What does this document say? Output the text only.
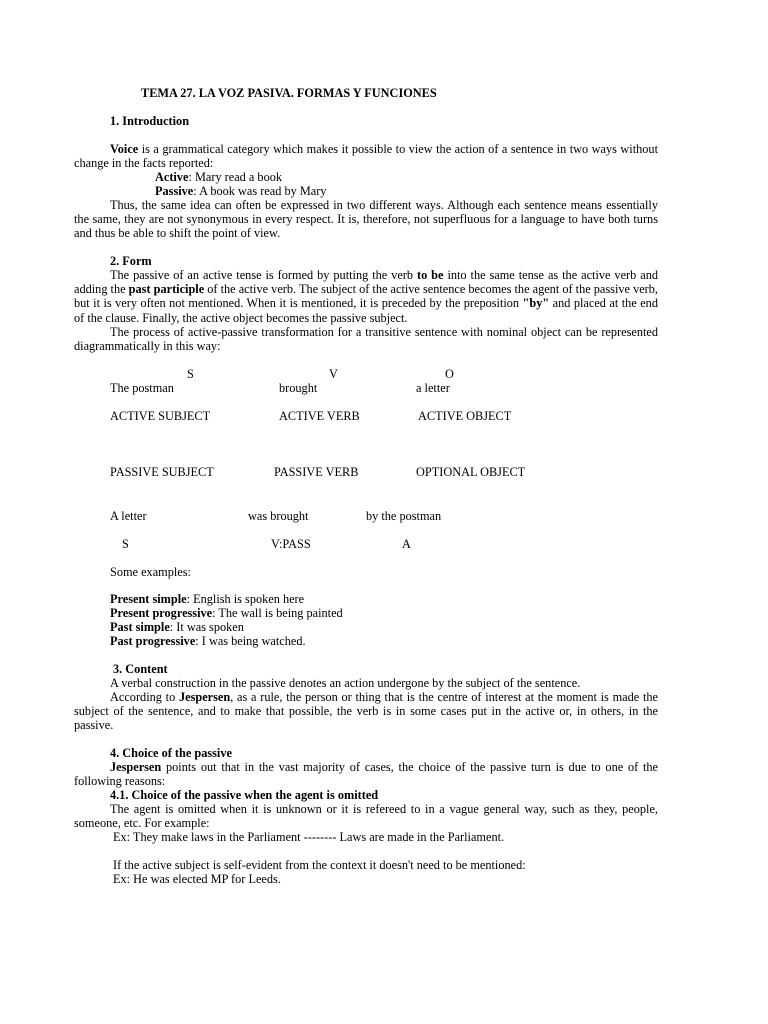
TEMA 27. LA VOZ PASIVA. FORMAS Y FUNCIONES
1. Introduction
Voice is a grammatical category which makes it possible to view the action of a sentence in two ways without change in the facts reported:
Active: Mary read a book
Passive: A book was read by Mary
Thus, the same idea can often be expressed in two different ways. Although each sentence means essentially the same, they are not synonymous in every respect. It is, therefore, not superfluous for a language to have both turns and thus be able to shift the point of view.
2. Form
The passive of an active tense is formed by putting the verb to be into the same tense as the active verb and adding the past participle of the active verb. The subject of the active sentence becomes the agent of the passive verb, but it is very often not mentioned. When it is mentioned, it is preceded by the preposition "by" and placed at the end of the clause. Finally, the active object becomes the passive subject.
The process of active-passive transformation for a transitive sentence with nominal object can be represented diagrammatically in this way:
S	V	O
The postman	brought	a letter
ACTIVE SUBJECT	ACTIVE VERB	ACTIVE OBJECT
PASSIVE SUBJECT	PASSIVE VERB	OPTIONAL OBJECT
A letter	was brought	by the postman
S	V:PASS	A
Some examples:
Present simple: English is spoken here
Present progressive: The wall is being painted
Past simple: It was spoken
Past progressive: I was being watched.
3. Content
A verbal construction in the passive denotes an action undergone by the subject of the sentence.
According to Jespersen, as a rule, the person or thing that is the centre of interest at the moment is made the subject of the sentence, and to make that possible, the verb is in some cases put in the active or, in others, in the passive.
4. Choice of the passive
Jespersen points out that in the vast majority of cases, the choice of the passive turn is due to one of the following reasons:
4.1. Choice of the passive when the agent is omitted
The agent is omitted when it is unknown or it is refereed to in a vague general way, such as they, people, someone, etc. For example:
Ex: They make laws in the Parliament -------- Laws are made in the Parliament.
If the active subject is self-evident from the context it doesn't need to be mentioned:
Ex: He was elected MP for Leeds.
